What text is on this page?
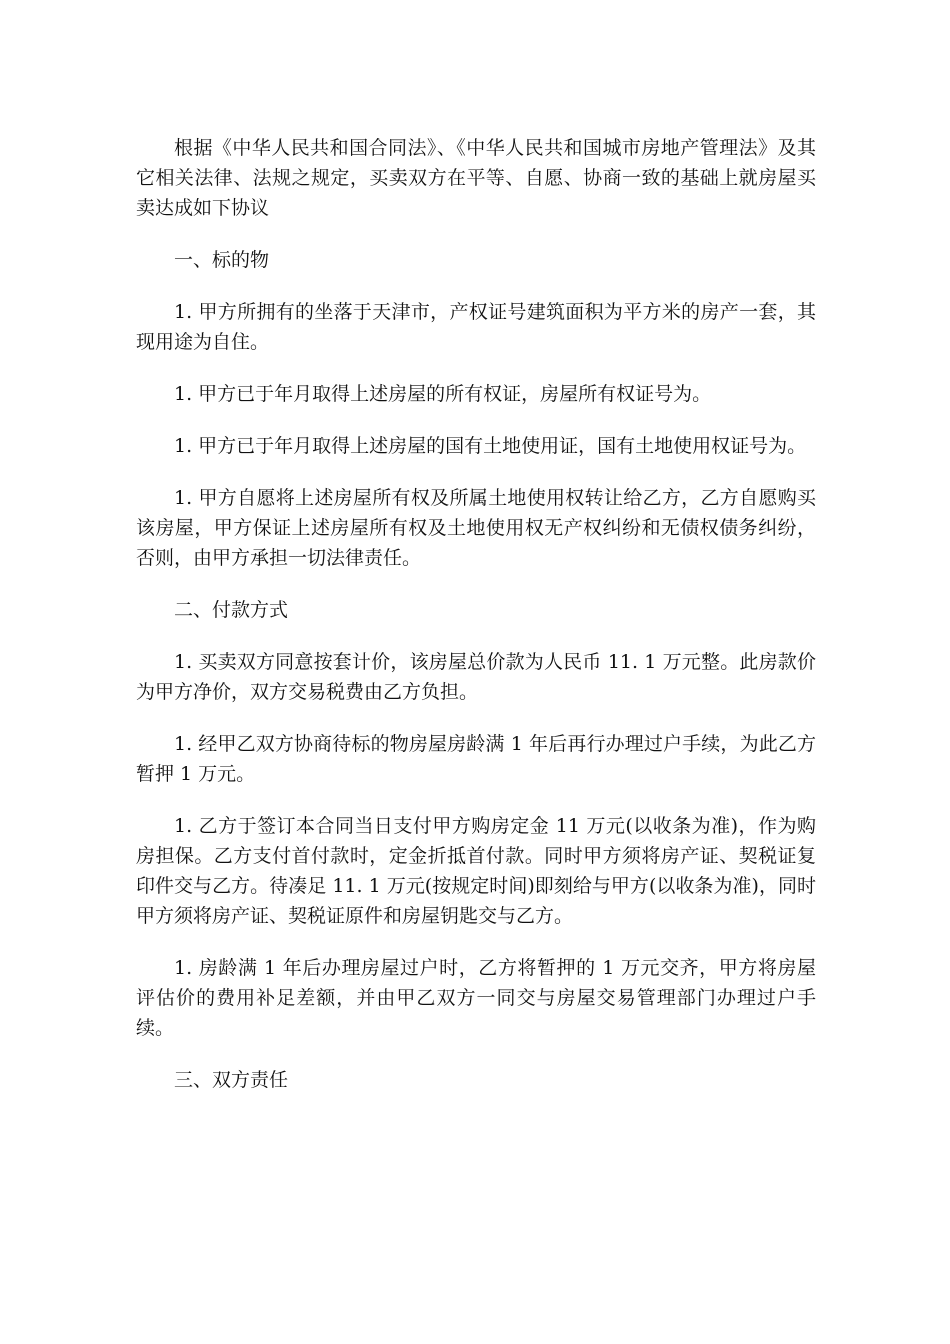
根据《中华人民共和国合同法》、《中华人民共和国城市房地产管理法》及其它相关法律、法规之规定，买卖双方在平等、自愿、协商一致的基础上就房屋买卖达成如下协议

一、标的物

1. 甲方所拥有的坐落于天津市，产权证号建筑面积为平方米的房产一套，其现用途为自住。

1. 甲方已于年月取得上述房屋的所有权证，房屋所有权证号为。

1. 甲方已于年月取得上述房屋的国有土地使用证，国有土地使用权证号为。

1. 甲方自愿将上述房屋所有权及所属土地使用权转让给乙方，乙方自愿购买该房屋，甲方保证上述房屋所有权及土地使用权无产权纠纷和无债权债务纠纷，否则，由甲方承担一切法律责任。

二、付款方式

1. 买卖双方同意按套计价，该房屋总价款为人民币 11. 1 万元整。此房款价为甲方净价，双方交易税费由乙方负担。

1. 经甲乙双方协商待标的物房屋房龄满 1 年后再行办理过户手续，为此乙方暂押 1 万元。

1. 乙方于签订本合同当日支付甲方购房定金 11 万元(以收条为准)，作为购房担保。乙方支付首付款时，定金折抵首付款。同时甲方须将房产证、契税证复印件交与乙方。待凑足 11. 1 万元(按规定时间)即刻给与甲方(以收条为准)，同时甲方须将房产证、契税证原件和房屋钥匙交与乙方。

1. 房龄满 1 年后办理房屋过户时，乙方将暂押的 1 万元交齐，甲方将房屋评估价的费用补足差额，并由甲乙双方一同交与房屋交易管理部门办理过户手续。

三、双方责任
